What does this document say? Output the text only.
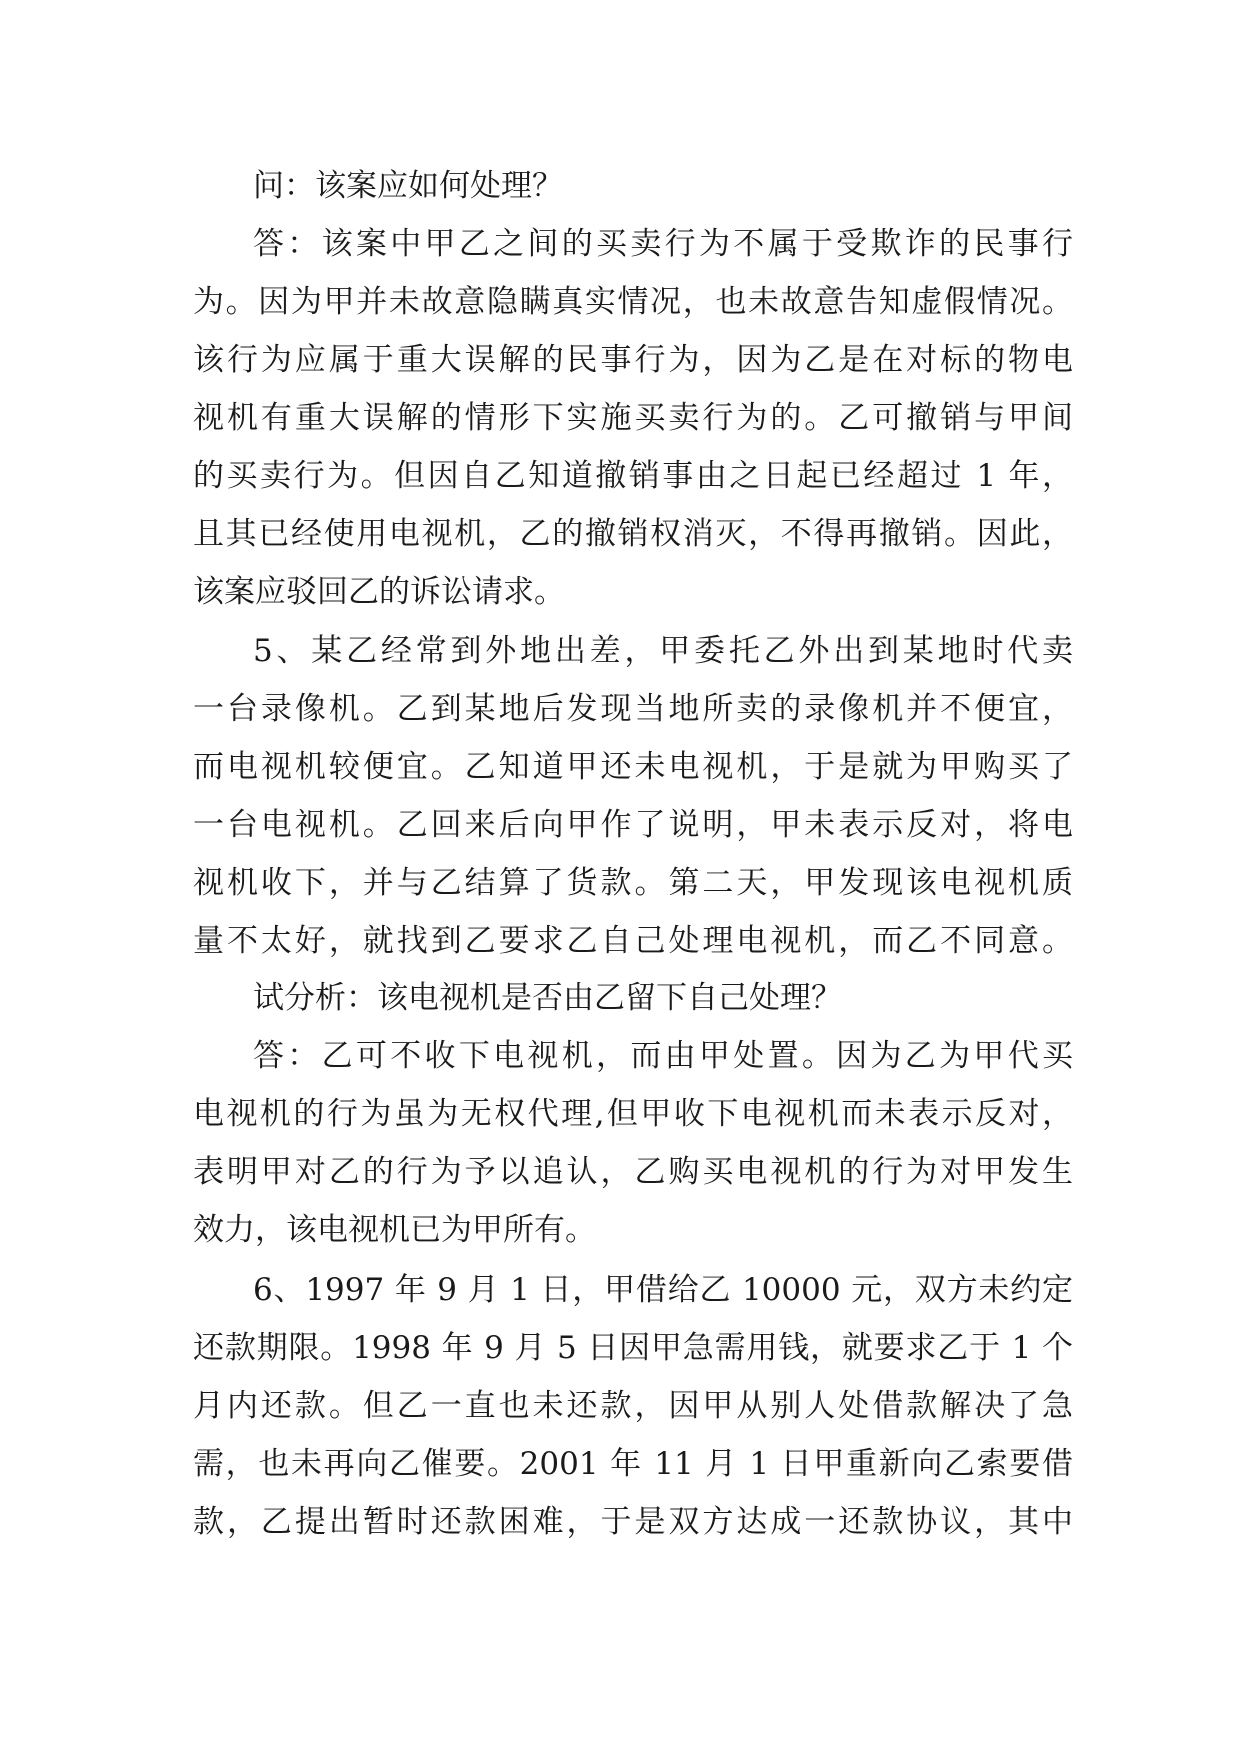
问：该案应如何处理？
答：该案中甲乙之间的买卖行为不属于受欺诈的民事行
为。因为甲并未故意隐瞒真实情况，也未故意告知虚假情况。
该行为应属于重大误解的民事行为，因为乙是在对标的物电
视机有重大误解的情形下实施买卖行为的。乙可撤销与甲间
的买卖行为。但因自乙知道撤销事由之日起已经超过 1 年，
且其已经使用电视机，乙的撤销权消灭，不得再撤销。因此，
该案应驳回乙的诉讼请求。
5、某乙经常到外地出差，甲委托乙外出到某地时代卖
一台录像机。乙到某地后发现当地所卖的录像机并不便宜，
而电视机较便宜。乙知道甲还未电视机，于是就为甲购买了
一台电视机。乙回来后向甲作了说明，甲未表示反对，将电
视机收下，并与乙结算了货款。第二天，甲发现该电视机质
量不太好，就找到乙要求乙自己处理电视机，而乙不同意。
试分析：该电视机是否由乙留下自己处理？
答：乙可不收下电视机，而由甲处置。因为乙为甲代买
电视机的行为虽为无权代理,但甲收下电视机而未表示反对，
表明甲对乙的行为予以追认，乙购买电视机的行为对甲发生
效力，该电视机已为甲所有。
6、1997 年 9 月 1 日，甲借给乙 10000 元，双方未约定
还款期限。1998 年 9 月 5 日因甲急需用钱，就要求乙于 1 个
月内还款。但乙一直也未还款，因甲从别人处借款解决了急
需，也未再向乙催要。2001 年 11 月 1 日甲重新向乙索要借
款，乙提出暂时还款困难，于是双方达成一还款协议，其中
